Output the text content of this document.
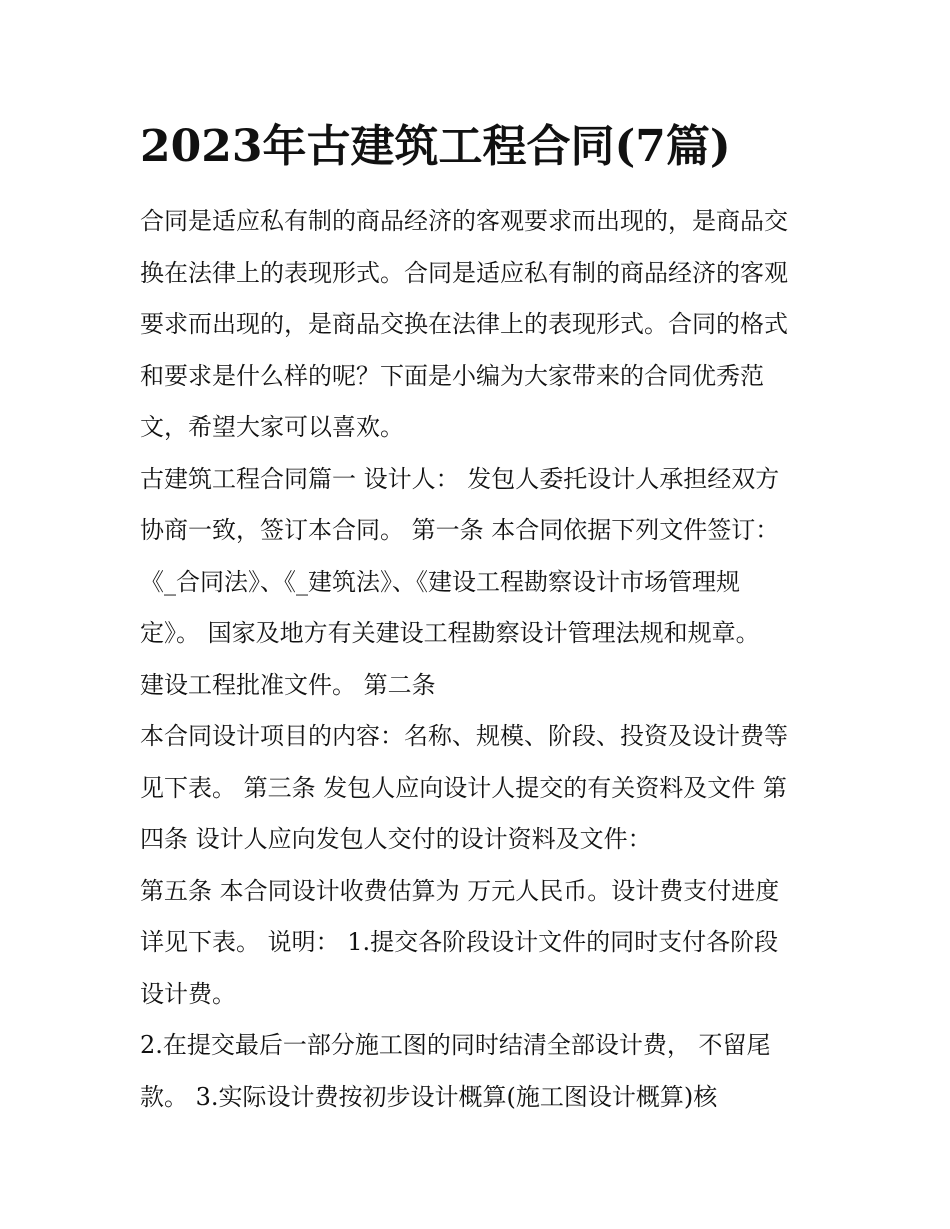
2023年古建筑工程合同(7篇)
合同是适应私有制的商品经济的客观要求而出现的，是商品交
换在法律上的表现形式。合同是适应私有制的商品经济的客观
要求而出现的，是商品交换在法律上的表现形式。合同的格式
和要求是什么样的呢？下面是小编为大家带来的合同优秀范
文，希望大家可以喜欢。
古建筑工程合同篇一 设计人： 发包人委托设计人承担经双方
协商一致，签订本合同。 第一条 本合同依据下列文件签订：
《_合同法》、《_建筑法》、《建设工程勘察设计市场管理规
定》。 国家及地方有关建设工程勘察设计管理法规和规章。
建设工程批准文件。 第二条
本合同设计项目的内容：名称、规模、阶段、投资及设计费等
见下表。 第三条 发包人应向设计人提交的有关资料及文件 第
四条 设计人应向发包人交付的设计资料及文件：
第五条 本合同设计收费估算为 万元人民币。设计费支付进度
详见下表。 说明： 1.提交各阶段设计文件的同时支付各阶段
设计费。
2.在提交最后一部分施工图的同时结清全部设计费， 不留尾
款。 3.实际设计费按初步设计概算(施工图设计概算)核
